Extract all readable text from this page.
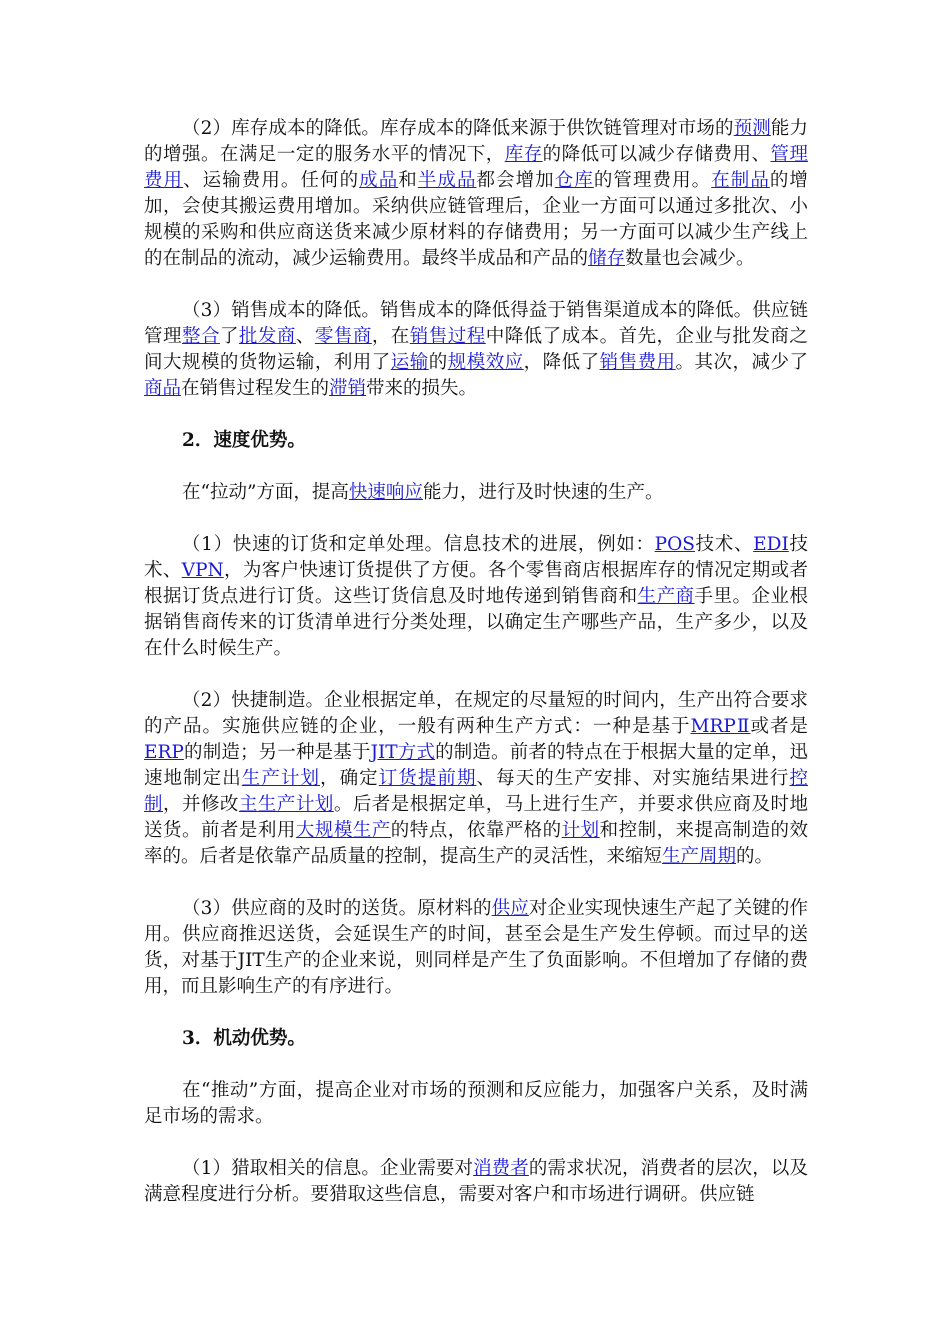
（2）库存成本的降低。库存成本的降低来源于供饮链管理对市场的预测能力的增强。在满足一定的服务水平的情况下，库存的降低可以减少存储费用、管理费用、运输费用。任何的成品和半成品都会增加仓库的管理费用。在制品的增加，会使其搬运费用增加。采纳供应链管理后，企业一方面可以通过多批次、小规模的采购和供应商送货来减少原材料的存储费用；另一方面可以减少生产线上的在制品的流动，减少运输费用。最终半成品和产品的储存数量也会减少。

（3）销售成本的降低。销售成本的降低得益于销售渠道成本的降低。供应链管理整合了批发商、零售商，在销售过程中降低了成本。首先，企业与批发商之间大规模的货物运输，利用了运输的规模效应，降低了销售费用。其次，减少了商品在销售过程发生的滞销带来的损失。

2．速度优势。

在“拉动”方面，提高快速响应能力，进行及时快速的生产。

（1）快速的订货和定单处理。信息技术的进展，例如：POS技术、EDI技术、VPN，为客户快速订货提供了方便。各个零售商店根据库存的情况定期或者根据订货点进行订货。这些订货信息及时地传递到销售商和生产商手里。企业根据销售商传来的订货清单进行分类处理，以确定生产哪些产品，生产多少，以及在什么时候生产。

（2）快捷制造。企业根据定单，在规定的尽量短的时间内，生产出符合要求的产品。实施供应链的企业，一般有两种生产方式：一种是基于MRPⅡ或者是ERP的制造；另一种是基于JIT方式的制造。前者的特点在于根据大量的定单，迅速地制定出生产计划，确定订货提前期、每天的生产安排、对实施结果进行控制，并修改主生产计划。后者是根据定单，马上进行生产，并要求供应商及时地送货。前者是利用大规模生产的特点，依靠严格的计划和控制，来提高制造的效率的。后者是依靠产品质量的控制，提高生产的灵活性，来缩短生产周期的。

（3）供应商的及时的送货。原材料的供应对企业实现快速生产起了关键的作用。供应商推迟送货，会延误生产的时间，甚至会是生产发生停顿。而过早的送货，对基于JIT生产的企业来说，则同样是产生了负面影响。不但增加了存储的费用，而且影响生产的有序进行。

3．机动优势。

在“推动”方面，提高企业对市场的预测和反应能力，加强客户关系，及时满足市场的需求。

（1）猎取相关的信息。企业需要对消费者的需求状况，消费者的层次，以及满意程度进行分析。要猎取这些信息，需要对客户和市场进行调研。供应链
